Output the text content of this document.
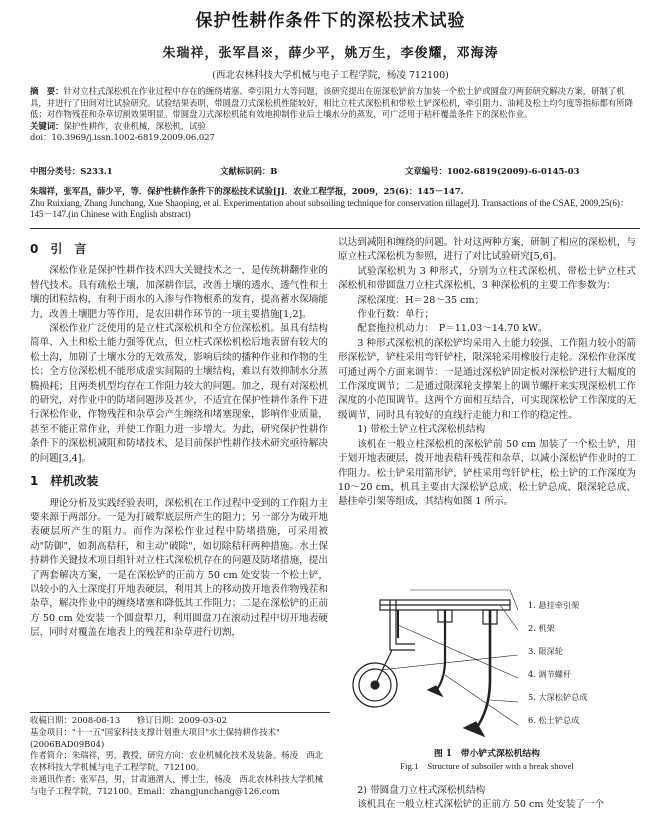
保护性耕作条件下的深松技术试验
朱瑞祥，张军昌※，薛少平，姚万生，李俊耀，邓海涛
(西北农林科技大学机械与电子工程学院，杨凌 712100)
摘　要：针对立柱式深松机在作业过程中存在的缠绕堵塞、牵引阻力大等问题，该研究提出在原深松铲前方加装一个松土铲或圆盘刀两套研究解决方案，研制了机具，并进行了田间对比试验研究。试验结果表明，带圆盘刀式深松机性能较好，相比立柱式深松机和带松土铲深松机，牵引阻力、油耗及松土均匀度等指标都有所降低；对作物残茬和杂草切割效果明显。带圆盘刀式深松机能有效地抑制作业后土壤水分的蒸发，可广泛用于秸秆覆盖条件下的深松作业。
关键词：保护性耕作，农业机械，深松机，试验
doi：10.3969/j.issn.1002-6819.2009.06.027
中图分类号：S233.1	文献标识码：B	文章编号：1002-6819(2009)-6-0145-03

朱瑞祥，张军昌，薛少平，等．保护性耕作条件下的深松技术试验[J]．农业工程学报，2009，25(6)：145－147.

Zhu Ruixiang, Zhang Junchang, Xue Shaoping, et al. Experimentation about subsoiling technique for conservation tillage[J]. Transactions of the CSAE, 2009,25(6)：145－147.(in Chinese with English abstract)

0　引　言

深松作业是保护性耕作技术四大关键技术之一，是传统耕翻作业的替代技术。具有疏松土壤，加深耕作层，改善土壤的透水、透气性和土壤的团粒结构，有利于雨水的入渗与作物根系的发育，提高蓄水保墒能力，改善土壤肥力等作用，是农田耕作环节的一项主要措施[1,2]。

深松作业广泛使用的是立柱式深松机和全方位深松机。虽具有结构简单、入土和松土能力强等优点，但立柱式深松机松后地表留有较大的松土沟，加剧了土壤水分的无效蒸发，影响后续的播种作业和作物的生长；全方位深松机不能形成虚实间隔的土壤结构，难以有效抑制水分蒸腾损耗；且两类机型均存在工作阻力较大的问题。加之，现有对深松机的研究，对作业中的防堵问题涉及甚少，不适宜在保护性耕作条件下进行深松作业，作物残茬和杂草会产生缠绕和堵塞现象，影响作业质量，甚至不能正常作业，并使工作阻力进一步增大。为此，研究保护性耕作条件下的深松机减阻和防堵技术，是目前保护性耕作技术研究亟待解决的问题[3,4]。

1　样机改装

理论分析及实践经验表明，深松机在工作过程中受到的工作阻力主要来源于两部分。一是为打破犁底层所产生的阻力；另一部分为破开地表硬层所产生的阻力。而作为深松作业过程中防堵措施，可采用被动"防御"，如刹高秸秆，和主动"破除"，如切除秸秆两种措施。水土保持耕作关键技术项目组针对立柱式深松机存在的问题及防堵措施，提出了两套解决方案，一是在深松铲的正前方 50 cm 处安装一个松土铲，以较小的入土深度打开地表硬层，利用其上的移动拨开地表作物残茬和杂草，解决作业中的缠绕堵塞和降低其工作阻力；二是在深松铲的正前方 50 cm 处安装一个圆盘犁刀，利用圆盘刀在滚动过程中切开地表硬层，同时对覆盖在地表上的残茬和杂草进行切割，

收稿日期：2008-08-13　　修订日期：2009-03-02

基金项目："十一五"国家科技支撑计划重大项目"水土保持耕作技术"(2006BAD09B04)

作者简介：朱瑞祥，男，教授，研究方向：农业机械化技术及装备。杨凌　西北农林科技大学机械与电子工程学院，712100。

※通讯作者：张军昌，男，甘肃通渭人，博士生，杨凌　西北农林科技大学机械与电子工程学院，712100。Email：zhangjunchang@126.com

以达到减阻和缠绕的问题。针对这两种方案，研制了相应的深松机，与原立柱式深松机为参照，进行了对比试验研究[5,6]。

试验深松机为 3 种形式，分别为立柱式深松机、带松土铲立柱式深松机和带圆盘刀立柱式深松机，3 种深松机的主要工作参数为：

深松深度：H＝28～35 cm；

作业行数：单行；

配套拖拉机动力：　P＝11.03～14.70 kW。

3 种形式深松机的深松铲均采用入土能力较强、工作阻力较小的箭形深松铲，铲柱采用弯钎铲柱，限深轮采用橡胶行走轮。深松作业深度可通过两个方面来调节：一是通过深松铲固定板对深松铲进行大幅度的工作深度调节；二是通过限深轮支撑架上的调节螺杆来实现深松机工作深度的小范围调节。这两个方面相互结合，可实现深松铲工作深度的无级调节，同时具有较好的直线行走能力和工作的稳定性。

1) 带松土铲立柱式深松机结构

该机在一般立柱深松机的深松铲前 50 cm 加装了一个松土铲，用于划开地表硬层，拨开地表秸秆残茬和杂草，以减小深松铲作业时的工作阻力。松土铲采用箭形铲，铲柱采用弯钎铲柱，松土铲的工作深度为 10～20 cm，机具主要由大深松铲总成、松土铲总成、限深轮总成、悬挂牵引架等组成，其结构如图 1 所示。

1. 悬挂牵引架
2. 机架
3. 限深轮
4. 调节螺杆
5. 大深松铲总成
6. 松土铲总成
图 1　带小铲式深松机结构
Fig.1　Structure of subsoiler with a break shovel

2) 带圆盘刀立柱式深松机结构

该机具在一般立柱式深松铲的正前方 50 cm 处安装了一个
